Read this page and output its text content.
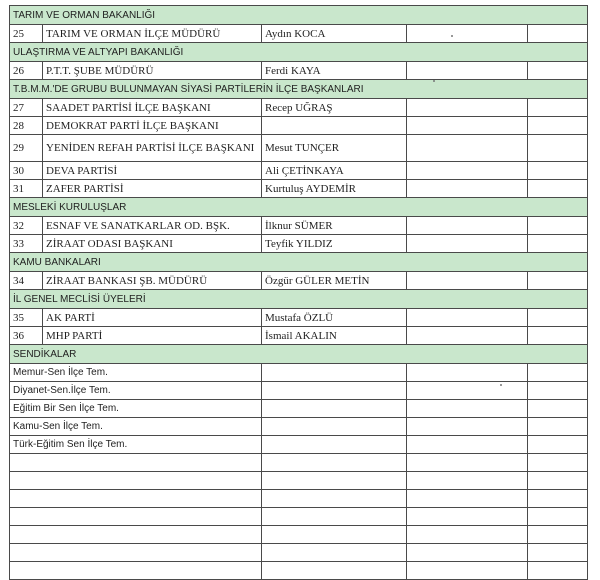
TARIM VE ORMAN BAKANLIĞI				
25	TARIM VE ORMAN İLÇE MÜDÜRÜ	Aydın KOCA		
ULAŞTIRMA VE ALTYAPI BAKANLIĞI				
26	P.T.T. ŞUBE MÜDÜRÜ	Ferdi KAYA		
T.B.M.M.'DE GRUBU BULUNMAYAN SİYASİ PARTİLERİN İLÇE BAŞKANLARI				
27	SAADET PARTİSİ İLÇE BAŞKANI	Recep UĞRAŞ		
28	DEMOKRAT PARTİ İLÇE BAŞKANI			
29	YENİDEN REFAH PARTİSİ İLÇE BAŞKANI	Mesut TUNÇER		
30	DEVA PARTİSİ	Ali ÇETİNKAYA		
31	ZAFER PARTİSİ	Kurtuluş AYDEMİR		
MESLEKİ KURULUŞLAR				
32	ESNAF VE SANATKARLAR OD. BŞK.	İlknur SÜMER		
33	ZİRAAT ODASI BAŞKANI	Teyfik YILDIZ		
KAMU BANKALARI				
34	ZİRAAT BANKASI ŞB. MÜDÜRÜ	Özgür GÜLER METİN		
İL GENEL MECLİSİ ÜYELERİ				
35	AK PARTİ	Mustafa ÖZLÜ		
36	MHP PARTİ	İsmail AKALIN		
SENDİKALAR				
Memur-Sen İlçe Tem.				
Diyanet-Sen.İlçe Tem.				
Eğitim Bir Sen İlçe Tem.				
Kamu-Sen İlçe Tem.				
Türk-Eğitim Sen İlçe Tem.				
